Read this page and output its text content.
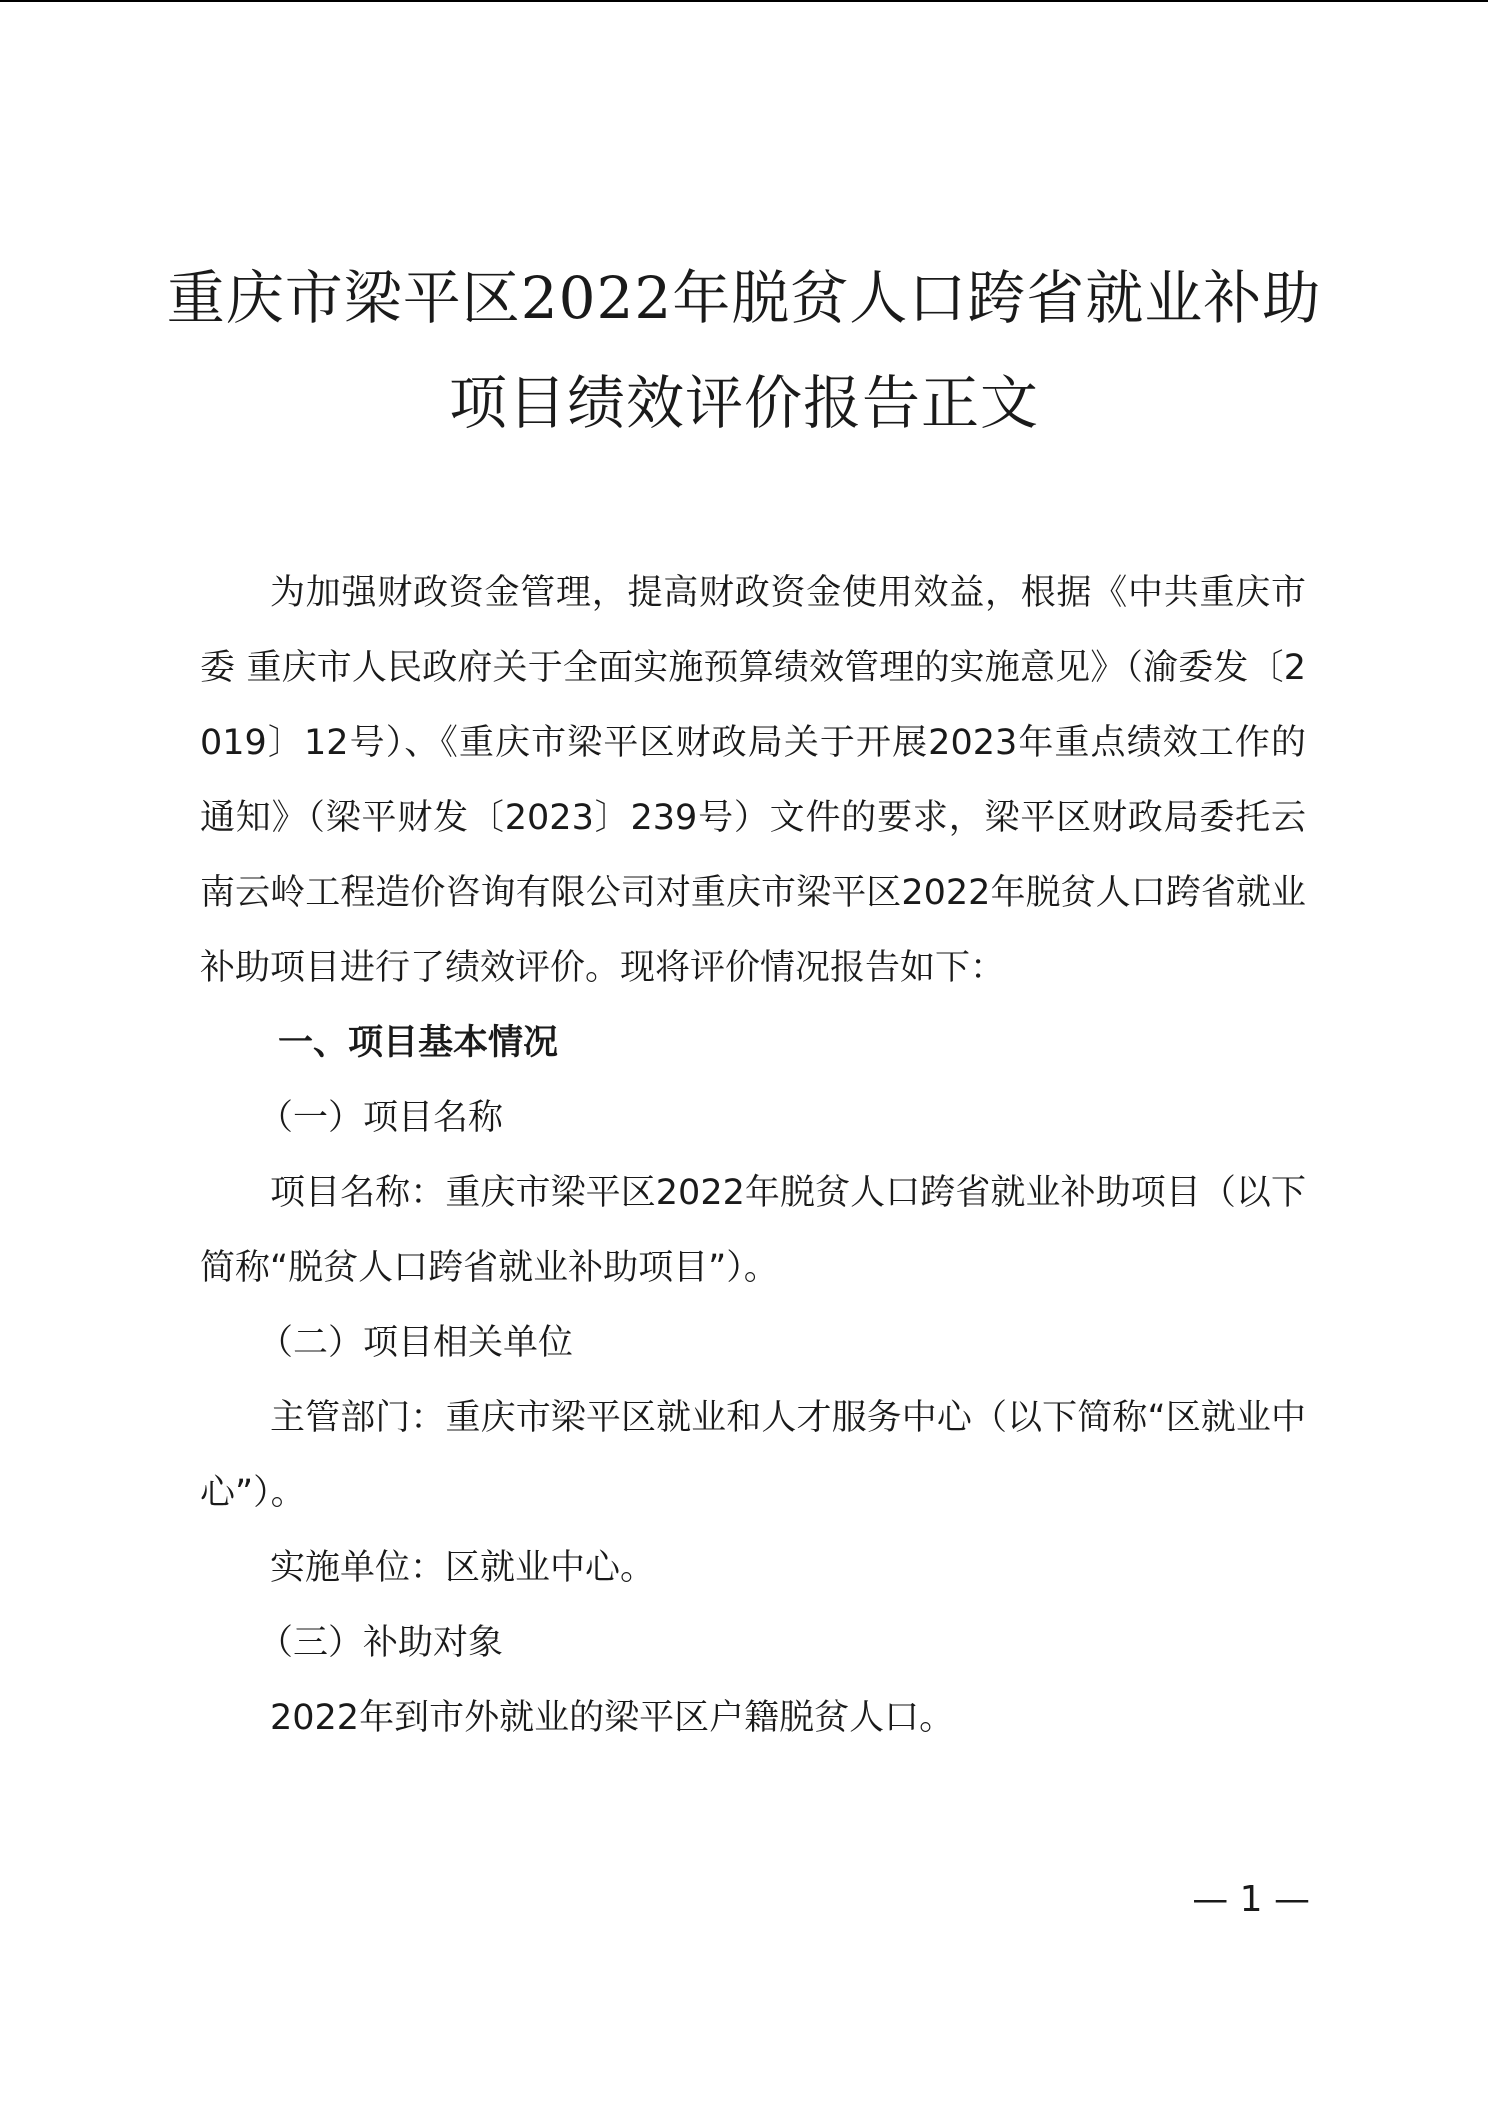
重庆市梁平区2022年脱贫人口跨省就业补助
项目绩效评价报告正文

为加强财政资金管理，提高财政资金使用效益，根据《中共重庆市委 重庆市人民政府关于全面实施预算绩效管理的实施意见》（渝委发〔2019〕12号）、《重庆市梁平区财政局关于开展2023年重点绩效工作的通知》（梁平财发〔2023〕239号）文件的要求，梁平区财政局委托云南云岭工程造价咨询有限公司对重庆市梁平区2022年脱贫人口跨省就业补助项目进行了绩效评价。现将评价情况报告如下：

一、项目基本情况

（一）项目名称

项目名称：重庆市梁平区2022年脱贫人口跨省就业补助项目（以下简称“脱贫人口跨省就业补助项目”）。

（二）项目相关单位

主管部门：重庆市梁平区就业和人才服务中心（以下简称“区就业中心”）。

实施单位：区就业中心。

（三）补助对象

2022年到市外就业的梁平区户籍脱贫人口。

— 1 —
